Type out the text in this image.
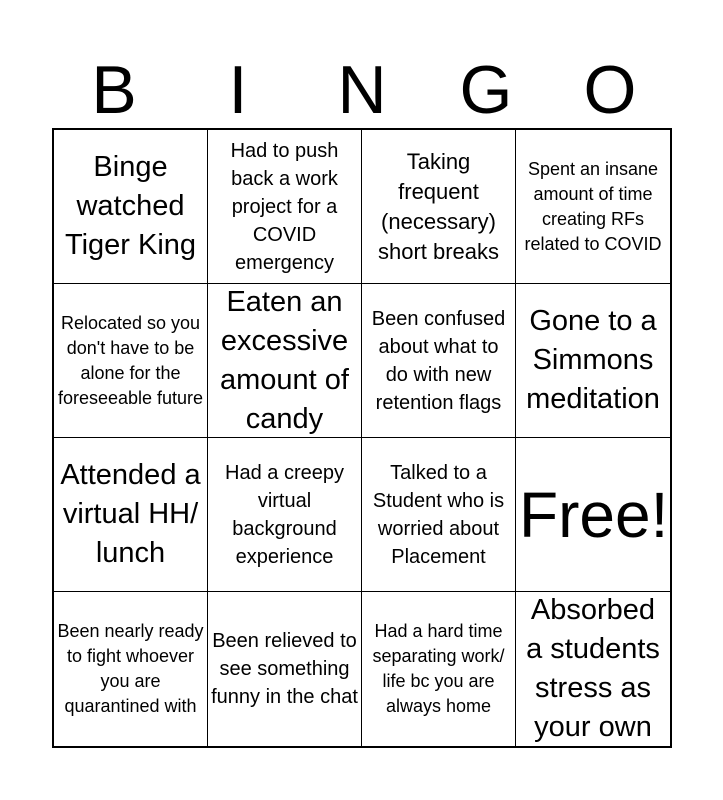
B	I	N	G	O
Binge watched Tiger King
Had to push back a work project for a COVID emergency
Taking frequent (necessary) short breaks
Spent an insane amount of time creating RFs related to COVID
Relocated so you don't have to be alone for the foreseeable future
Eaten an excessive amount of candy
Been confused about what to do with new retention flags
Gone to a Simmons meditation
Attended a virtual HH/ lunch
Had a creepy virtual background experience
Talked to a Student who is worried about Placement
Free!
Been nearly ready to fight whoever you are quarantined with
Been relieved to see something funny in the chat
Had a hard time separating work/ life bc you are always home
Absorbed a students stress as your own
